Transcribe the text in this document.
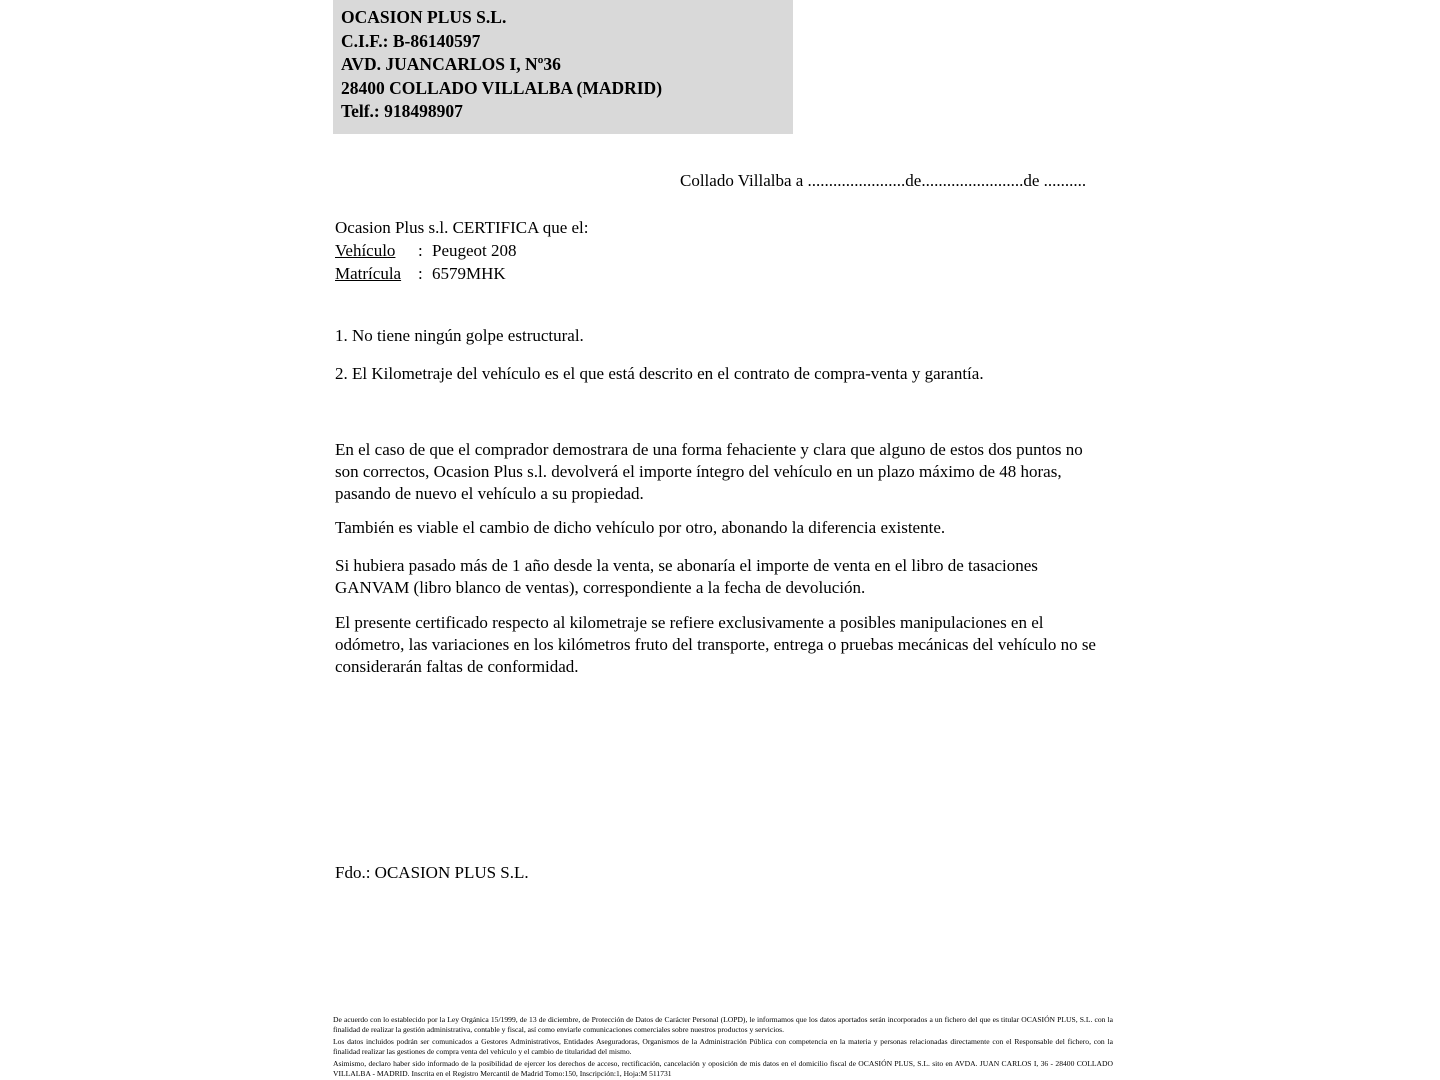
OCASION PLUS S.L.
C.I.F.: B-86140597
AVD. JUANCARLOS I, Nº36
28400 COLLADO VILLALBA (MADRID)
Telf.: 918498907
Collado Villalba a .......................de........................de ..........
Ocasion Plus s.l. CERTIFICA que el:
Vehículo : Peugeot 208
Matrícula : 6579MHK
1. No tiene ningún golpe estructural.
2. El Kilometraje del vehículo es el que está descrito en el contrato de compra-venta y garantía.
En el caso de que el comprador demostrara de una forma fehaciente y clara que alguno de estos dos puntos no son correctos, Ocasion Plus s.l. devolverá el importe íntegro del vehículo en un plazo máximo de 48 horas, pasando de nuevo el vehículo a su propiedad.
También es viable el cambio de dicho vehículo por otro, abonando la diferencia existente.
Si hubiera pasado más de 1 año desde la venta, se abonaría el importe de venta en el libro de tasaciones GANVAM (libro blanco de ventas), correspondiente a la fecha de devolución.
El presente certificado respecto al kilometraje se refiere exclusivamente a posibles manipulaciones en el odómetro, las variaciones en los kilómetros fruto del transporte, entrega o pruebas mecánicas del vehículo no se considerarán faltas de conformidad.
Fdo.: OCASION PLUS S.L.

De acuerdo con lo establecido por la Ley Orgánica 15/1999, de 13 de diciembre, de Protección de Datos de Carácter Personal (LOPD), le informamos que los datos aportados serán incorporados a un fichero del que es titular OCASIÓN PLUS, S.L. con la finalidad de realizar la gestión administrativa, contable y fiscal, así como enviarle comunicaciones comerciales sobre nuestros productos y servicios.

Los datos incluidos podrán ser comunicados a Gestores Administrativos, Entidades Aseguradoras, Organismos de la Administración Pública con competencia en la materia y personas relacionadas directamente con el Responsable del fichero, con la finalidad realizar las gestiones de compra venta del vehículo y el cambio de titularidad del mismo.

Asimismo, declaro haber sido informado de la posibilidad de ejercer los derechos de acceso, rectificación, cancelación y oposición de mis datos en el domicilio fiscal de OCASIÓN PLUS, S.L. sito en AVDA. JUAN CARLOS I, 36 - 28400 COLLADO VILLALBA - MADRID. Inscrita en el Registro Mercantil de Madrid Tomo:150, Inscripción:1, Hoja:M 511731
